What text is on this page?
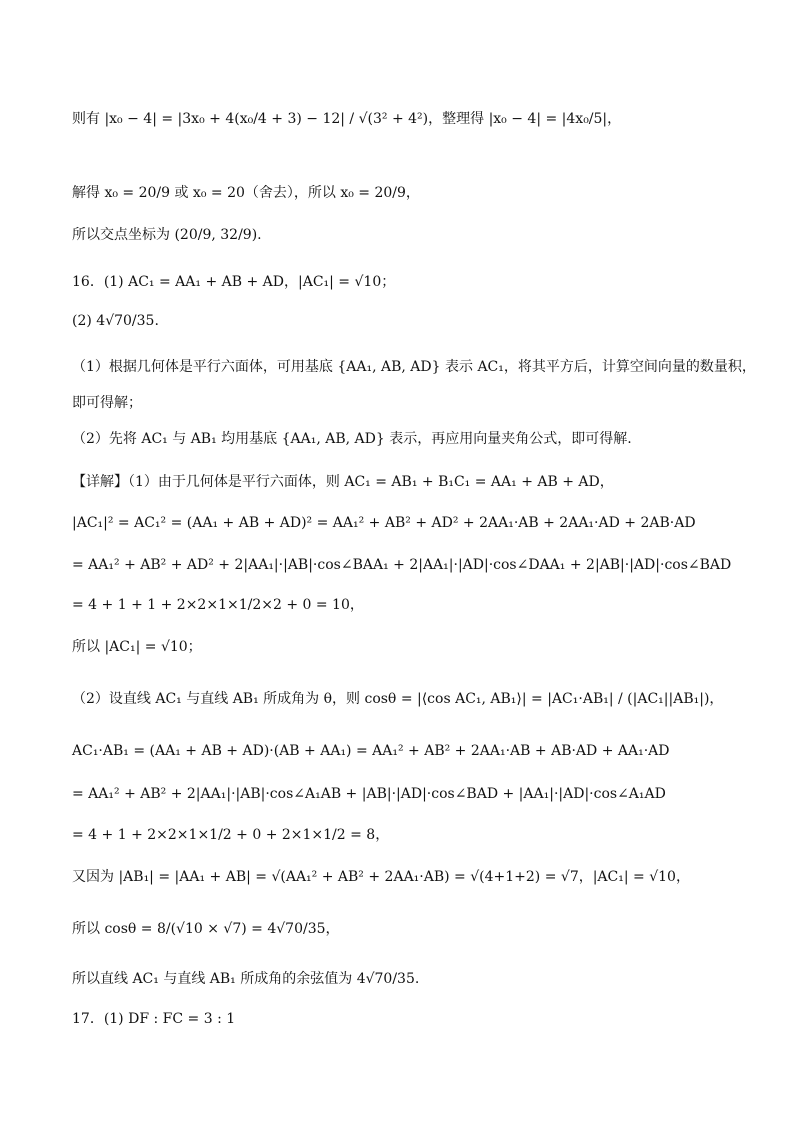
则有 |x₀ − 4| = |3x₀ + 4(x₀/4 + 3) − 12| / √(3² + 4²)，整理得 |x₀ − 4| = |4x₀/5|，
解得 x₀ = 20/9 或 x₀ = 20（舍去），所以 x₀ = 20/9，
所以交点坐标为 (20/9, 32/9).
16．(1) AC₁ = AA₁ + AB + AD，|AC₁| = √10；
(2) 4√70/35.
（1）根据几何体是平行六面体，可用基底 {AA₁, AB, AD} 表示 AC₁，将其平方后，计算空间向量的数量积，
即可得解；
（2）先将 AC₁ 与 AB₁ 均用基底 {AA₁, AB, AD} 表示，再应用向量夹角公式，即可得解.
【详解】（1）由于几何体是平行六面体，则 AC₁ = AB₁ + B₁C₁ = AA₁ + AB + AD，
|AC₁|² = AC₁² = (AA₁ + AB + AD)² = AA₁² + AB² + AD² + 2AA₁·AB + 2AA₁·AD + 2AB·AD
= AA₁² + AB² + AD² + 2|AA₁|·|AB|·cos∠BAA₁ + 2|AA₁|·|AD|·cos∠DAA₁ + 2|AB|·|AD|·cos∠BAD
= 4 + 1 + 1 + 2×2×1×1/2×2 + 0 = 10，
所以 |AC₁| = √10；
（2）设直线 AC₁ 与直线 AB₁ 所成角为 θ，则 cosθ = |⟨cos AC₁, AB₁⟩| = |AC₁·AB₁| / (|AC₁||AB₁|)，
AC₁·AB₁ = (AA₁ + AB + AD)·(AB + AA₁) = AA₁² + AB² + 2AA₁·AB + AB·AD + AA₁·AD
= AA₁² + AB² + 2|AA₁|·|AB|·cos∠A₁AB + |AB|·|AD|·cos∠BAD + |AA₁|·|AD|·cos∠A₁AD
= 4 + 1 + 2×2×1×1/2 + 0 + 2×1×1/2 = 8，
又因为 |AB₁| = |AA₁ + AB| = √(AA₁² + AB² + 2AA₁·AB) = √(4+1+2) = √7，|AC₁| = √10，
所以 cosθ = 8/(√10 × √7) = 4√70/35，
所以直线 AC₁ 与直线 AB₁ 所成角的余弦值为 4√70/35.
17．(1) DF : FC = 3 : 1
